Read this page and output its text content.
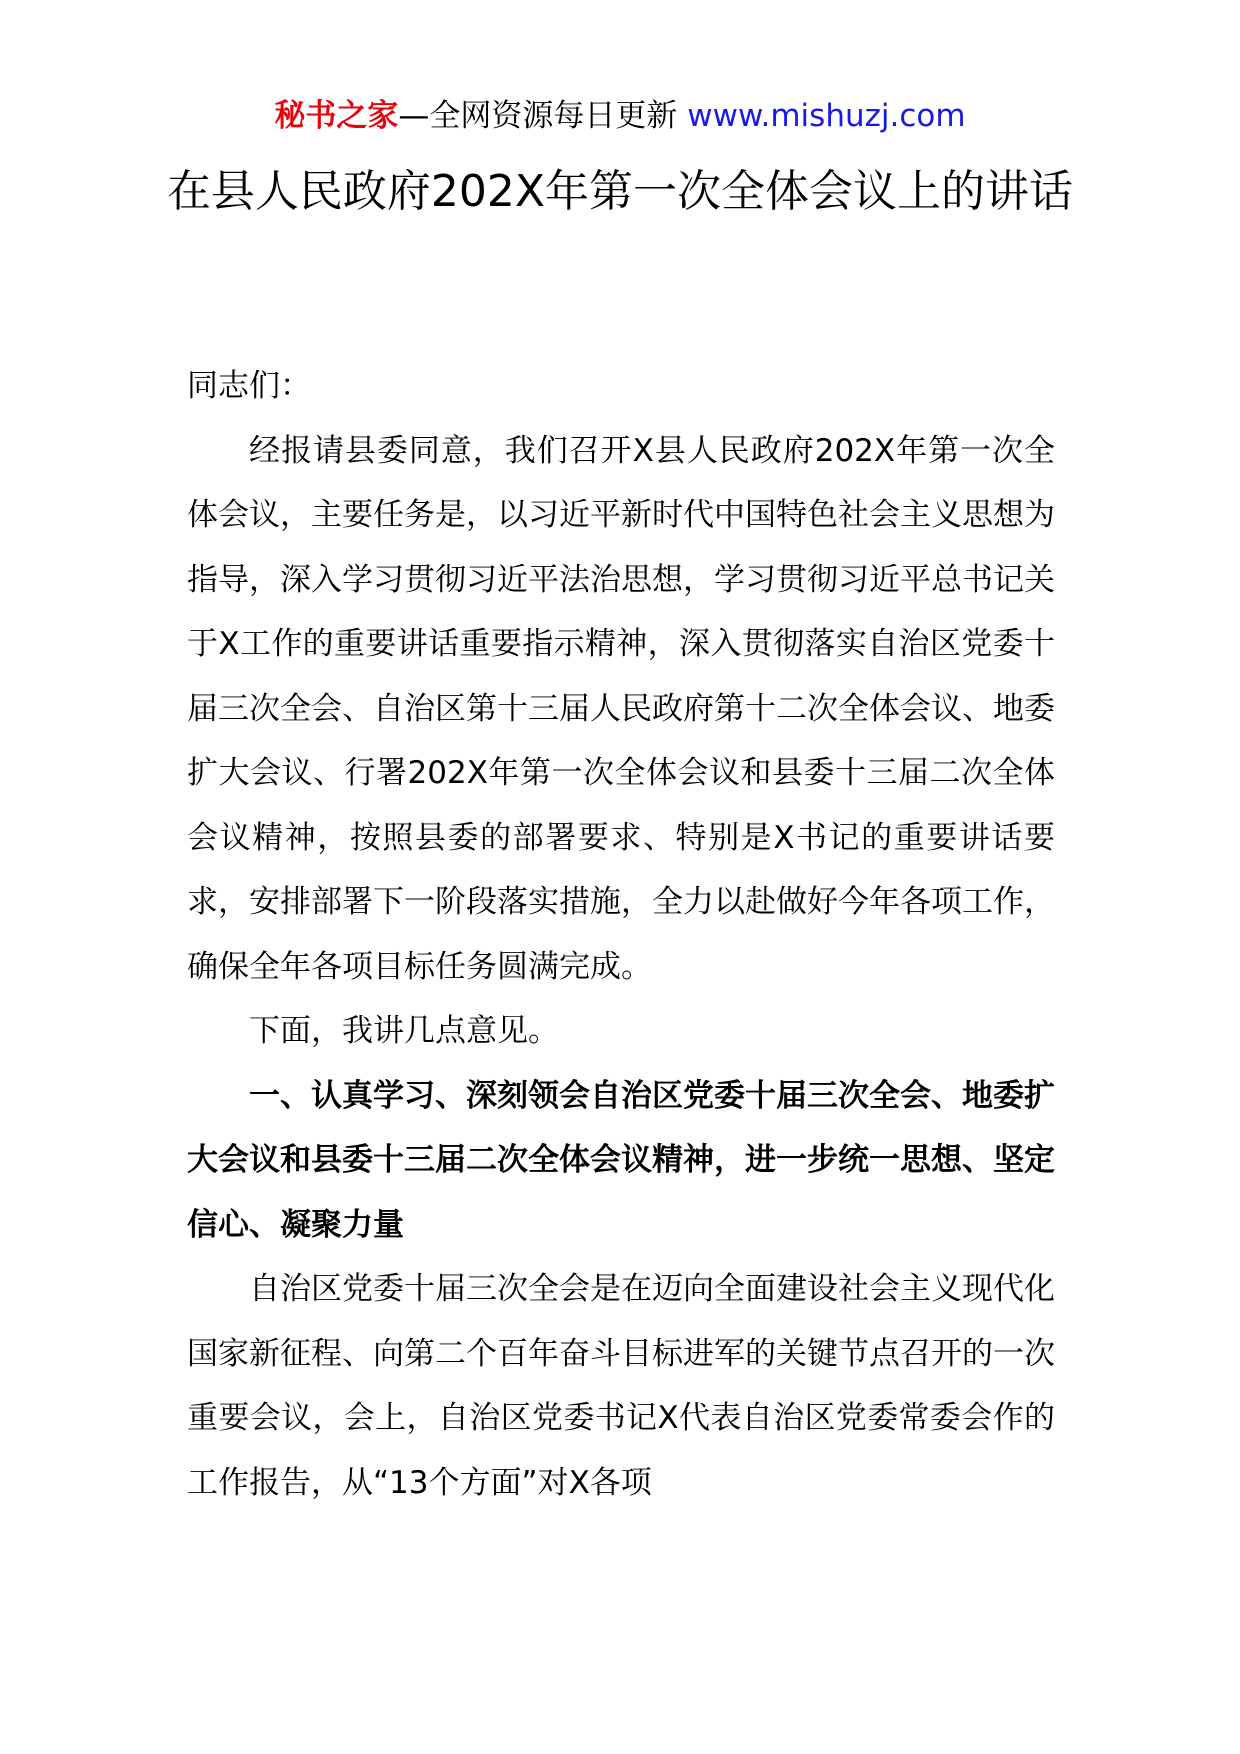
秘书之家—全网资源每日更新 www.mishuzj.com
在县人民政府202X年第一次全体会议上的讲话

同志们：

经报请县委同意，我们召开X县人民政府202X年第一次全体会议，主要任务是，以习近平新时代中国特色社会主义思想为指导，深入学习贯彻习近平法治思想，学习贯彻习近平总书记关于X工作的重要讲话重要指示精神，深入贯彻落实自治区党委十届三次全会、自治区第十三届人民政府第十二次全体会议、地委扩大会议、行署202X年第一次全体会议和县委十三届二次全体会议精神，按照县委的部署要求、特别是X书记的重要讲话要求，安排部署下一阶段落实措施，全力以赴做好今年各项工作，确保全年各项目标任务圆满完成。

下面，我讲几点意见。

一、认真学习、深刻领会自治区党委十届三次全会、地委扩大会议和县委十三届二次全体会议精神，进一步统一思想、坚定信心、凝聚力量

自治区党委十届三次全会是在迈向全面建设社会主义现代化国家新征程、向第二个百年奋斗目标进军的关键节点召开的一次重要会议，会上，自治区党委书记X代表自治区党委常委会作的工作报告，从“13个方面”对X各项
